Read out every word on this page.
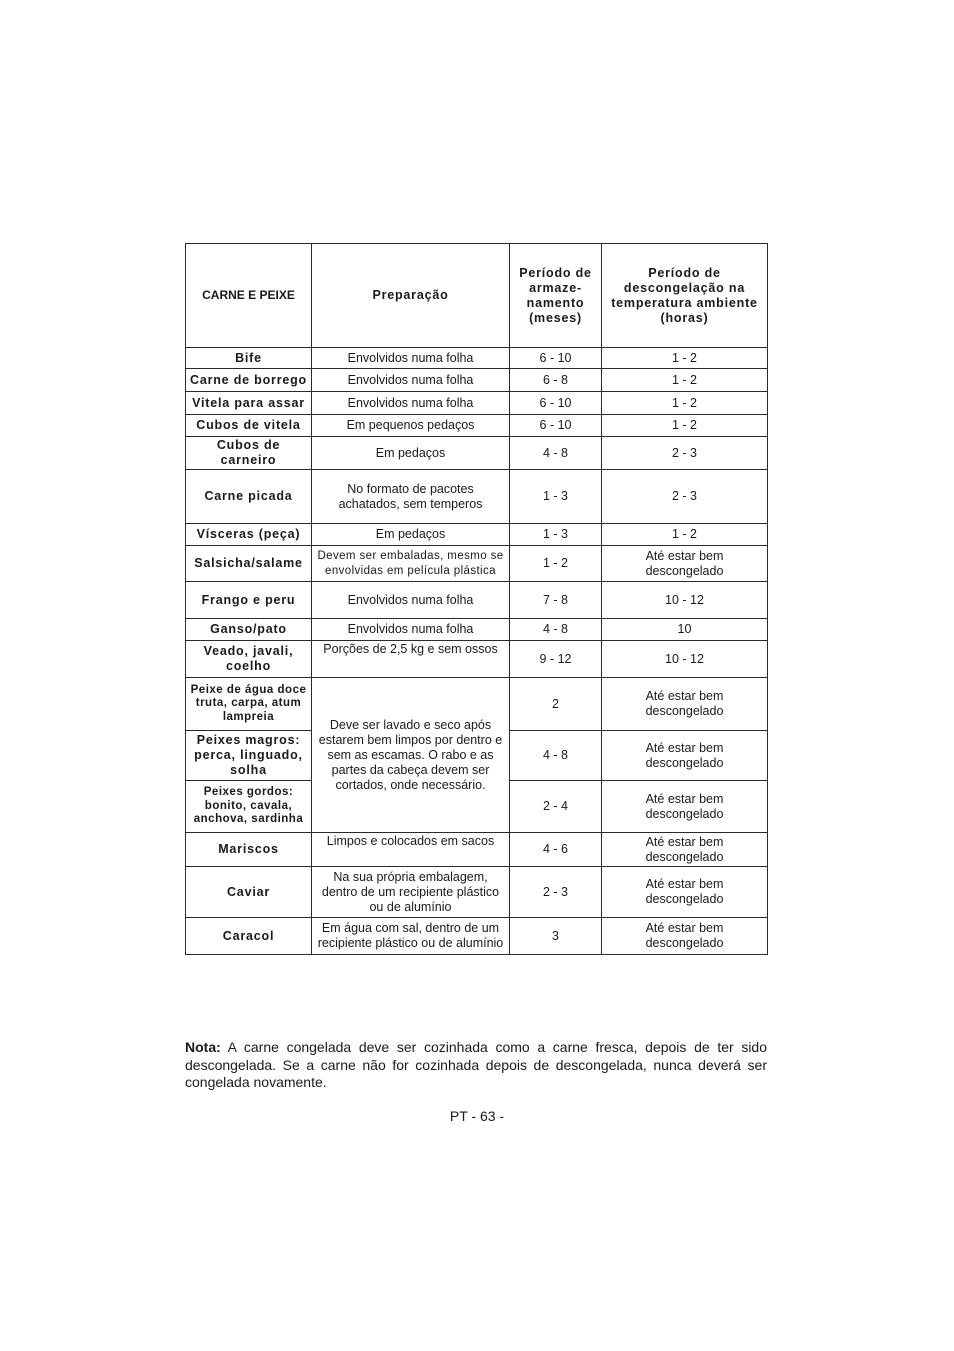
CARNE E PEIXE	Preparação	Período de armaze-namento (meses)	Período de descongelação na temperatura ambiente (horas)
Bife	Envolvidos numa folha	6 - 10	1 - 2
Carne de borrego	Envolvidos numa folha	6 - 8	1 - 2
Vitela para assar	Envolvidos numa folha	6 - 10	1 - 2
Cubos de vitela	Em pequenos pedaços	6 - 10	1 - 2
Cubos de carneiro	Em pedaços	4 - 8	2 - 3
Carne picada	No formato de pacotes achatados, sem temperos	1 - 3	2 - 3
Vísceras (peça)	Em pedaços	1 - 3	1 - 2
Salsicha/salame	Devem ser embaladas, mesmo se envolvidas em película plástica	1 - 2	Até estar bem descongelado
Frango e peru	Envolvidos numa folha	7 - 8	10 - 12
Ganso/pato	Envolvidos numa folha	4 - 8	10
Veado, javali, coelho	Porções de 2,5 kg e sem ossos	9 - 12	10 - 12
Peixe de água doce truta, carpa, atum lampreia	Deve ser lavado e seco após estarem bem limpos por dentro e sem as escamas. O rabo e as partes da cabeça devem ser cortados, onde necessário.	2	Até estar bem descongelado
Peixes magros: perca, linguado, solha		4 - 8	Até estar bem descongelado
Peixes gordos: bonito, cavala, anchova, sardinha		2 - 4	Até estar bem descongelado
Mariscos	Limpos e colocados em sacos	4 - 6	Até estar bem descongelado
Caviar	Na sua própria embalagem, dentro de um recipiente plástico ou de alumínio	2 - 3	Até estar bem descongelado
Caracol	Em água com sal, dentro de um recipiente plástico ou de alumínio	3	Até estar bem descongelado

Nota: A carne congelada deve ser cozinhada como a carne fresca, depois de ter sido descongelada. Se a carne não for cozinhada depois de descongelada, nunca deverá ser congelada novamente.

PT - 63 -
